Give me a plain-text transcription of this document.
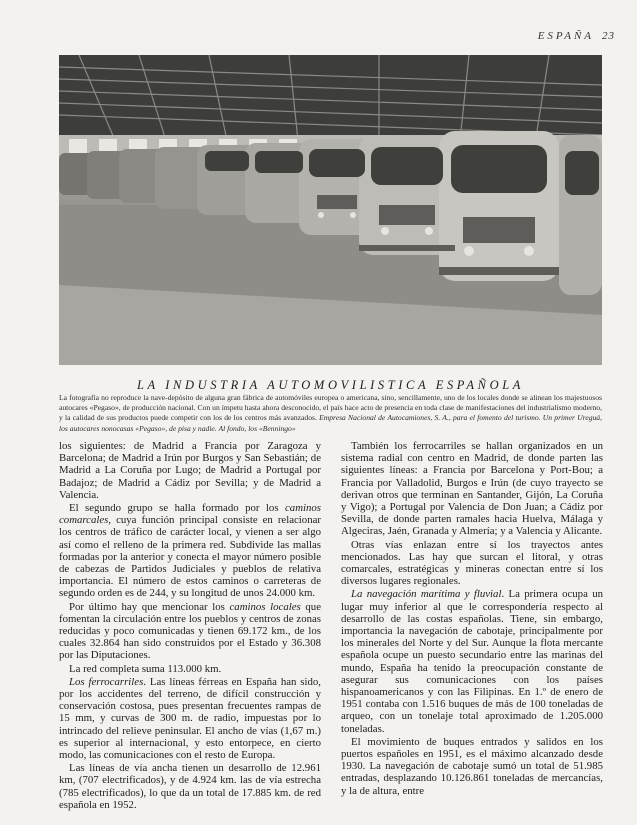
ESPAÑA 23
LA INDUSTRIA AUTOMOVILISTICA ESPAÑOLA
La fotografía no reproduce la nave-depósito de alguna gran fábrica de automóviles europea o americana, sino, sencillamente, uno de los locales donde se alinean los majestuosos autocares «Pegaso», de producción nacional. Con un ímpetu hasta ahora desconocido, el país hace acto de presencia en toda clase de manifestaciones del industrialismo moderno, y la calidad de sus productos puede competir con los de los centros más avanzados. Empresa Nacional de Autocamiones, S. A., para el fomento del turismo. Un primer Ureguá, los autocares nonocasas «Pegaso», de pisa y nadie. Al fondo, los «Benningo»

los siguientes: de Madrid a Francia por Zaragoza y Barcelona; de Madrid a Irún por Burgos y San Sebastián; de Madrid a La Coruña por Lugo; de Madrid a Portugal por Badajoz; de Madrid a Cádiz por Sevilla; y de Madrid a Valencia.

El segundo grupo se halla formado por los caminos comarcales, cuya función principal consiste en relacionar los centros de tráfico de carácter local, y vienen a ser algo así como el relleno de la primera red. Subdivide las mallas formadas por la anterior y conecta el mayor número posible de cabezas de Partidos Judiciales y pueblos de relativa importancia. El número de estos caminos o carreteras de segundo orden es de 244, y su longitud de unos 24.000 km.

Por último hay que mencionar los caminos locales que fomentan la circulación entre los pueblos y centros de zonas reducidas y poco comunicadas y tienen 69.172 km., de los cuales 32.864 han sido construidos por el Estado y 36.308 por las Diputaciones.

La red completa suma 113.000 km.

Los ferrocarriles. Las líneas férreas en España han sido, por los accidentes del terreno, de difícil construcción y conservación costosa, pues presentan frecuentes rampas de 15 mm, y curvas de 300 m. de radio, impuestas por lo intrincado del relieve peninsular. El ancho de vías (1,67 m.) es superior al internacional, y esto entorpece, en cierto modo, las comunicaciones con el resto de Europa.

Las líneas de vía ancha tienen un desarrollo de 12.961 km, (707 electrificados), y de 4.924 km. las de vía estrecha (785 electrificados), lo que da un total de 17.885 km. de red española en 1952.

También los ferrocarriles se hallan organizados en un sistema radial con centro en Madrid, de donde parten las siguientes líneas: a Francia por Barcelona y Port-Bou; a Francia por Valladolid, Burgos e Irún (de cuyo trayecto se derivan otros que terminan en Santander, Gijón, La Coruña y Vigo); a Portugal por Valencia de Don Juan; a Cádiz por Sevilla, de donde parten ramales hacia Huelva, Málaga y Algeciras, Jaén, Granada y Almería; y a Valencia y Alicante.

Otras vías enlazan entre sí los trayectos antes mencionados. Las hay que surcan el litoral, y otras comarcales, estratégicas y mineras conectan entre sí los diversos lugares regionales.

La navegación marítima y fluvial. La primera ocupa un lugar muy inferior al que le correspondería respecto al desarrollo de las costas españolas. Tiene, sin embargo, importancia la navegación de cabotaje, principalmente por los minerales del Norte y del Sur. Aunque la flota mercante española ocupe un puesto secundario entre las marinas del mundo, España ha tenido la preocupación constante de asegurar sus comunicaciones con los países hispanoamericanos y con las Filipinas. En 1.º de enero de 1951 contaba con 1.516 buques de más de 100 toneladas de arqueo, con un tonelaje total aproximado de 1.205.000 toneladas.

El movimiento de buques entrados y salidos en los puertos españoles en 1951, es el máximo alcanzado desde 1930. La navegación de cabotaje sumó un total de 51.985 entradas, desplazando 10.126.861 toneladas de mercancías, y la de altura, entre
